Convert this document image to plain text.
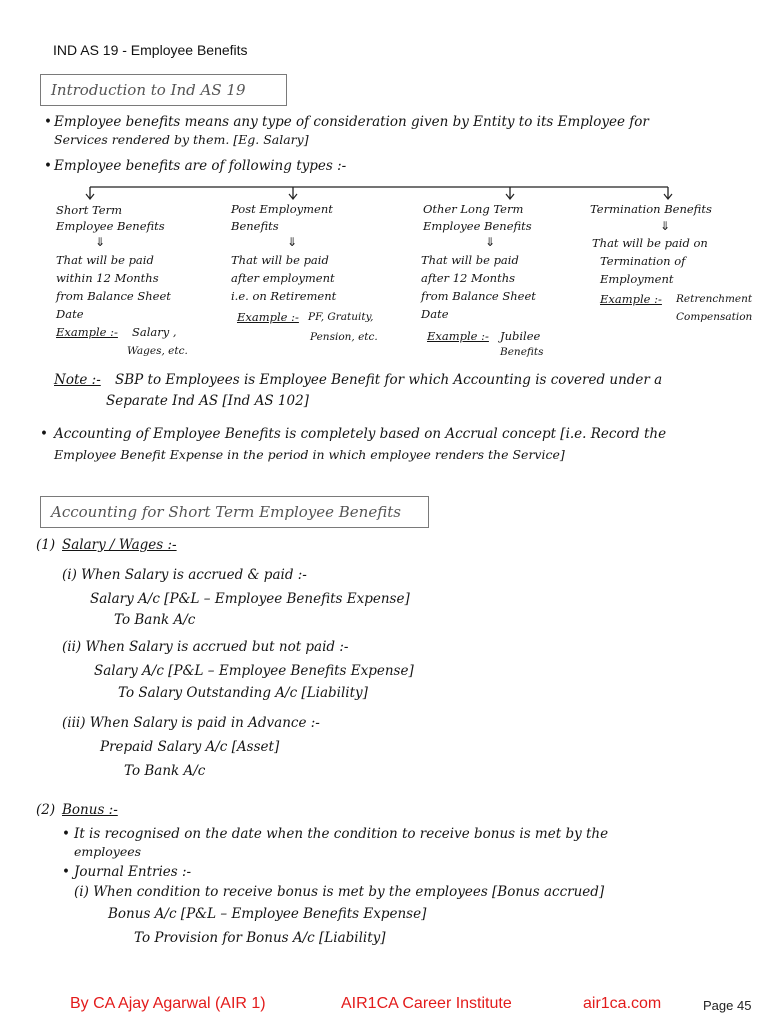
IND AS 19 - Employee Benefits
Introduction to Ind AS 19
• Employee benefits means any type of consideration given by Entity to its Employee for
Services rendered by them. [Eg. Salary]
• Employee benefits are of following types :-
Short Term
Employee Benefits
⇓
That will be paid
within 12 Months
from Balance Sheet
Date
Example :- Salary ,
Wages, etc.
Post Employment
Benefits
⇓
That will be paid
after employment
i.e. on Retirement
Example :- PF, Gratuity,
Pension, etc.
Other Long Term
Employee Benefits
⇓
That will be paid
after 12 Months
from Balance Sheet
Date
Example :- Jubilee
Benefits
Termination Benefits
⇓
That will be paid on
Termination of
Employment
Example :- Retrenchment
Compensation
Note :- SBP to Employees is Employee Benefit for which Accounting is covered under a
Separate Ind AS [Ind AS 102]
• Accounting of Employee Benefits is completely based on Accrual concept [i.e. Record the
Employee Benefit Expense in the period in which employee renders the Service]
Accounting for Short Term Employee Benefits
(1) Salary / Wages :-
(i) When Salary is accrued & paid :-
Salary A/c [P&L – Employee Benefits Expense]
To Bank A/c
(ii) When Salary is accrued but not paid :-
Salary A/c [P&L – Employee Benefits Expense]
To Salary Outstanding A/c [Liability]
(iii) When Salary is paid in Advance :-
Prepaid Salary A/c [Asset]
To Bank A/c
(2) Bonus :-
• It is recognised on the date when the condition to receive bonus is met by the
employees
• Journal Entries :-
(i) When condition to receive bonus is met by the employees [Bonus accrued]
Bonus A/c [P&L – Employee Benefits Expense]
To Provision for Bonus A/c [Liability]
By CA Ajay Agarwal (AIR 1)	AIR1CA Career Institute	air1ca.com	Page 45
